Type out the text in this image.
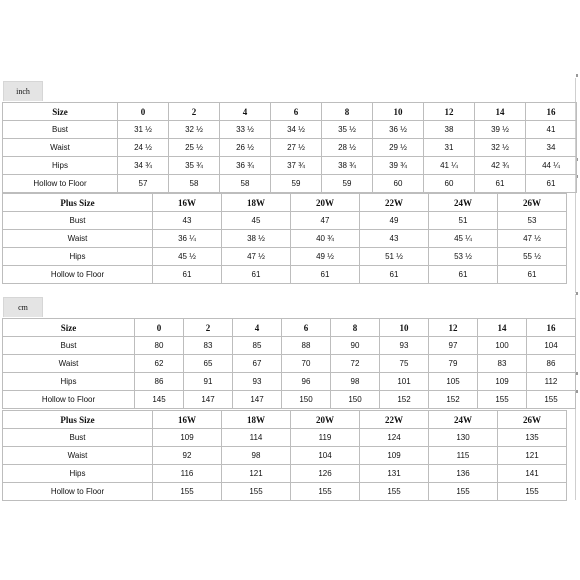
inch
Size	0	2	4	6	8	10	12	14	16
Bust	31 ½	32 ½	33 ½	34 ½	35 ½	36 ½	38	39 ½	41
Waist	24 ½	25 ½	26 ½	27 ½	28 ½	29 ½	31	32 ½	34
Hips	34 ¾	35 ¾	36 ¾	37 ¾	38 ¾	39 ¾	41 ¼	42 ¾	44 ¼
Hollow to Floor	57	58	58	59	59	60	60	61	61
Plus Size	16W	18W	20W	22W	24W	26W
Bust	43	45	47	49	51	53
Waist	36 ¼	38 ½	40 ¾	43	45 ¼	47 ½
Hips	45 ½	47 ½	49 ½	51 ½	53 ½	55 ½
Hollow to Floor	61	61	61	61	61	61
cm
Size	0	2	4	6	8	10	12	14	16
Bust	80	83	85	88	90	93	97	100	104
Waist	62	65	67	70	72	75	79	83	86
Hips	86	91	93	96	98	101	105	109	112
Hollow to Floor	145	147	147	150	150	152	152	155	155
Plus Size	16W	18W	20W	22W	24W	26W
Bust	109	114	119	124	130	135
Waist	92	98	104	109	115	121
Hips	116	121	126	131	136	141
Hollow to Floor	155	155	155	155	155	155
